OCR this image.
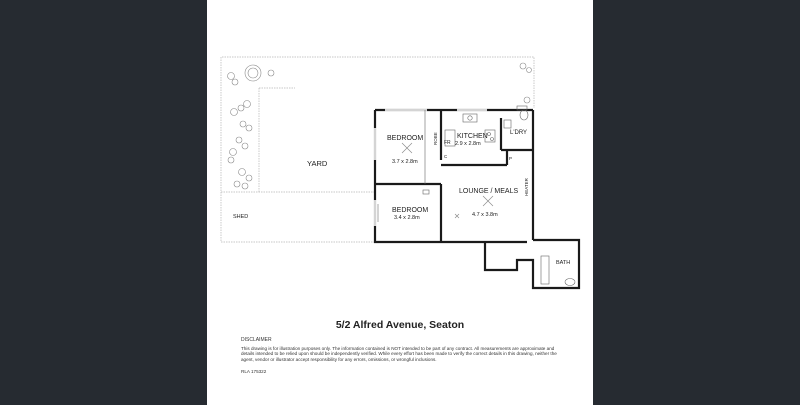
YARD
SHED
BEDROOM
3.7 x 2.8m
ROBE	KITCHEN
2.9 x 2.8m
FR
C	P
L'DRY
LOUNGE / MEALS
4.7 x 3.8m
HEATER
BEDROOM
3.4 x 2.8m
BATH
5/2 Alfred Avenue, Seaton
DISCLAIMER
This drawing is for illustration purposes only. The information contained is NOT intended to be part of any contract. All measurements are approximate and details intended to be relied upon should be independently verified. While every effort has been made to verify the correct details in this drawing, neither the agent, vendor or illustrator accept responsibility for any errors, omissions, or wrongful inclusions.
RLA 175322
